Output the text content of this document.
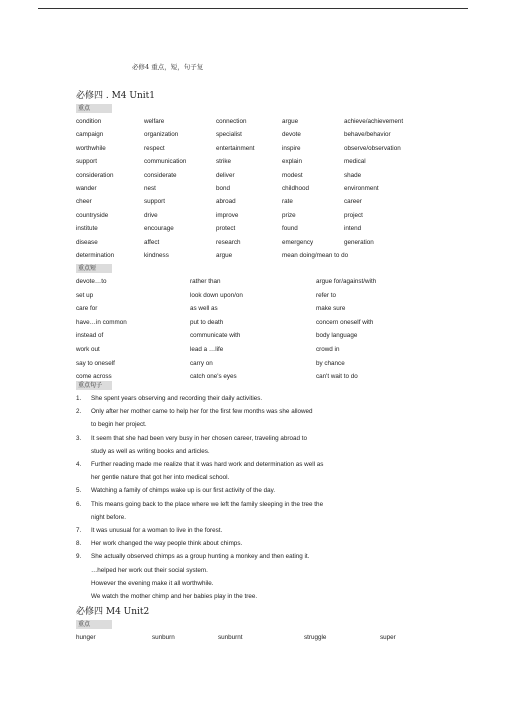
必修4 重点，短，句子复
必修四 . M4 Unit1
重点
condition	welfare	connection	argue	achieve/achievement
campaign	organization	specialist	devote	behave/behavior
worthwhile	respect	entertainment	inspire	observe/observation
support	communication	strike	explain	medical
consideration	considerate	deliver	modest	shade
wander	nest	bond	childhood	environment
cheer	support	abroad	rate	career
countryside	drive	improve	prize	project
institute	encourage	protect	found	intend
disease	affect	research	emergency	generation
determination	kindness	argue	mean doing/mean to do
重点短
devote…to	rather than	argue for/against/with
set up	look down upon/on	refer to
care for	as well as	make sure
have…in common	put to death	concern oneself with
instead of	communicate with	body language
work out	lead a …life	crowd in
say to oneself	carry on	by chance
come across	catch one's eyes	can't wait to do
重点句子
1. She spent years observing and recording their daily activities.
2. Only after her mother came to help her for the first few months was she allowed
to begin her project.
3. It seem that she had been very busy in her chosen career, traveling abroad to
study as well as writing books and articles.
4. Further reading made me realize that it was hard work and determination as well as
her gentle nature that got her into medical school.
5. Watching a family of chimps wake up is our first activity of the day.
6. This means going back to the place where we left the family sleeping in the tree the
night before.
7. It was unusual for a woman to live in the forest.
8. Her work changed the way people think about chimps.
9. She actually observed chimps as a group hunting a monkey and then eating it.
…helped her work out their social system.
However the evening make it all worthwhile.
We watch the mother chimp and her babies play in the tree.
必修四 M4 Unit2
重点
hunger	sunburn	sunburnt	struggle	super
